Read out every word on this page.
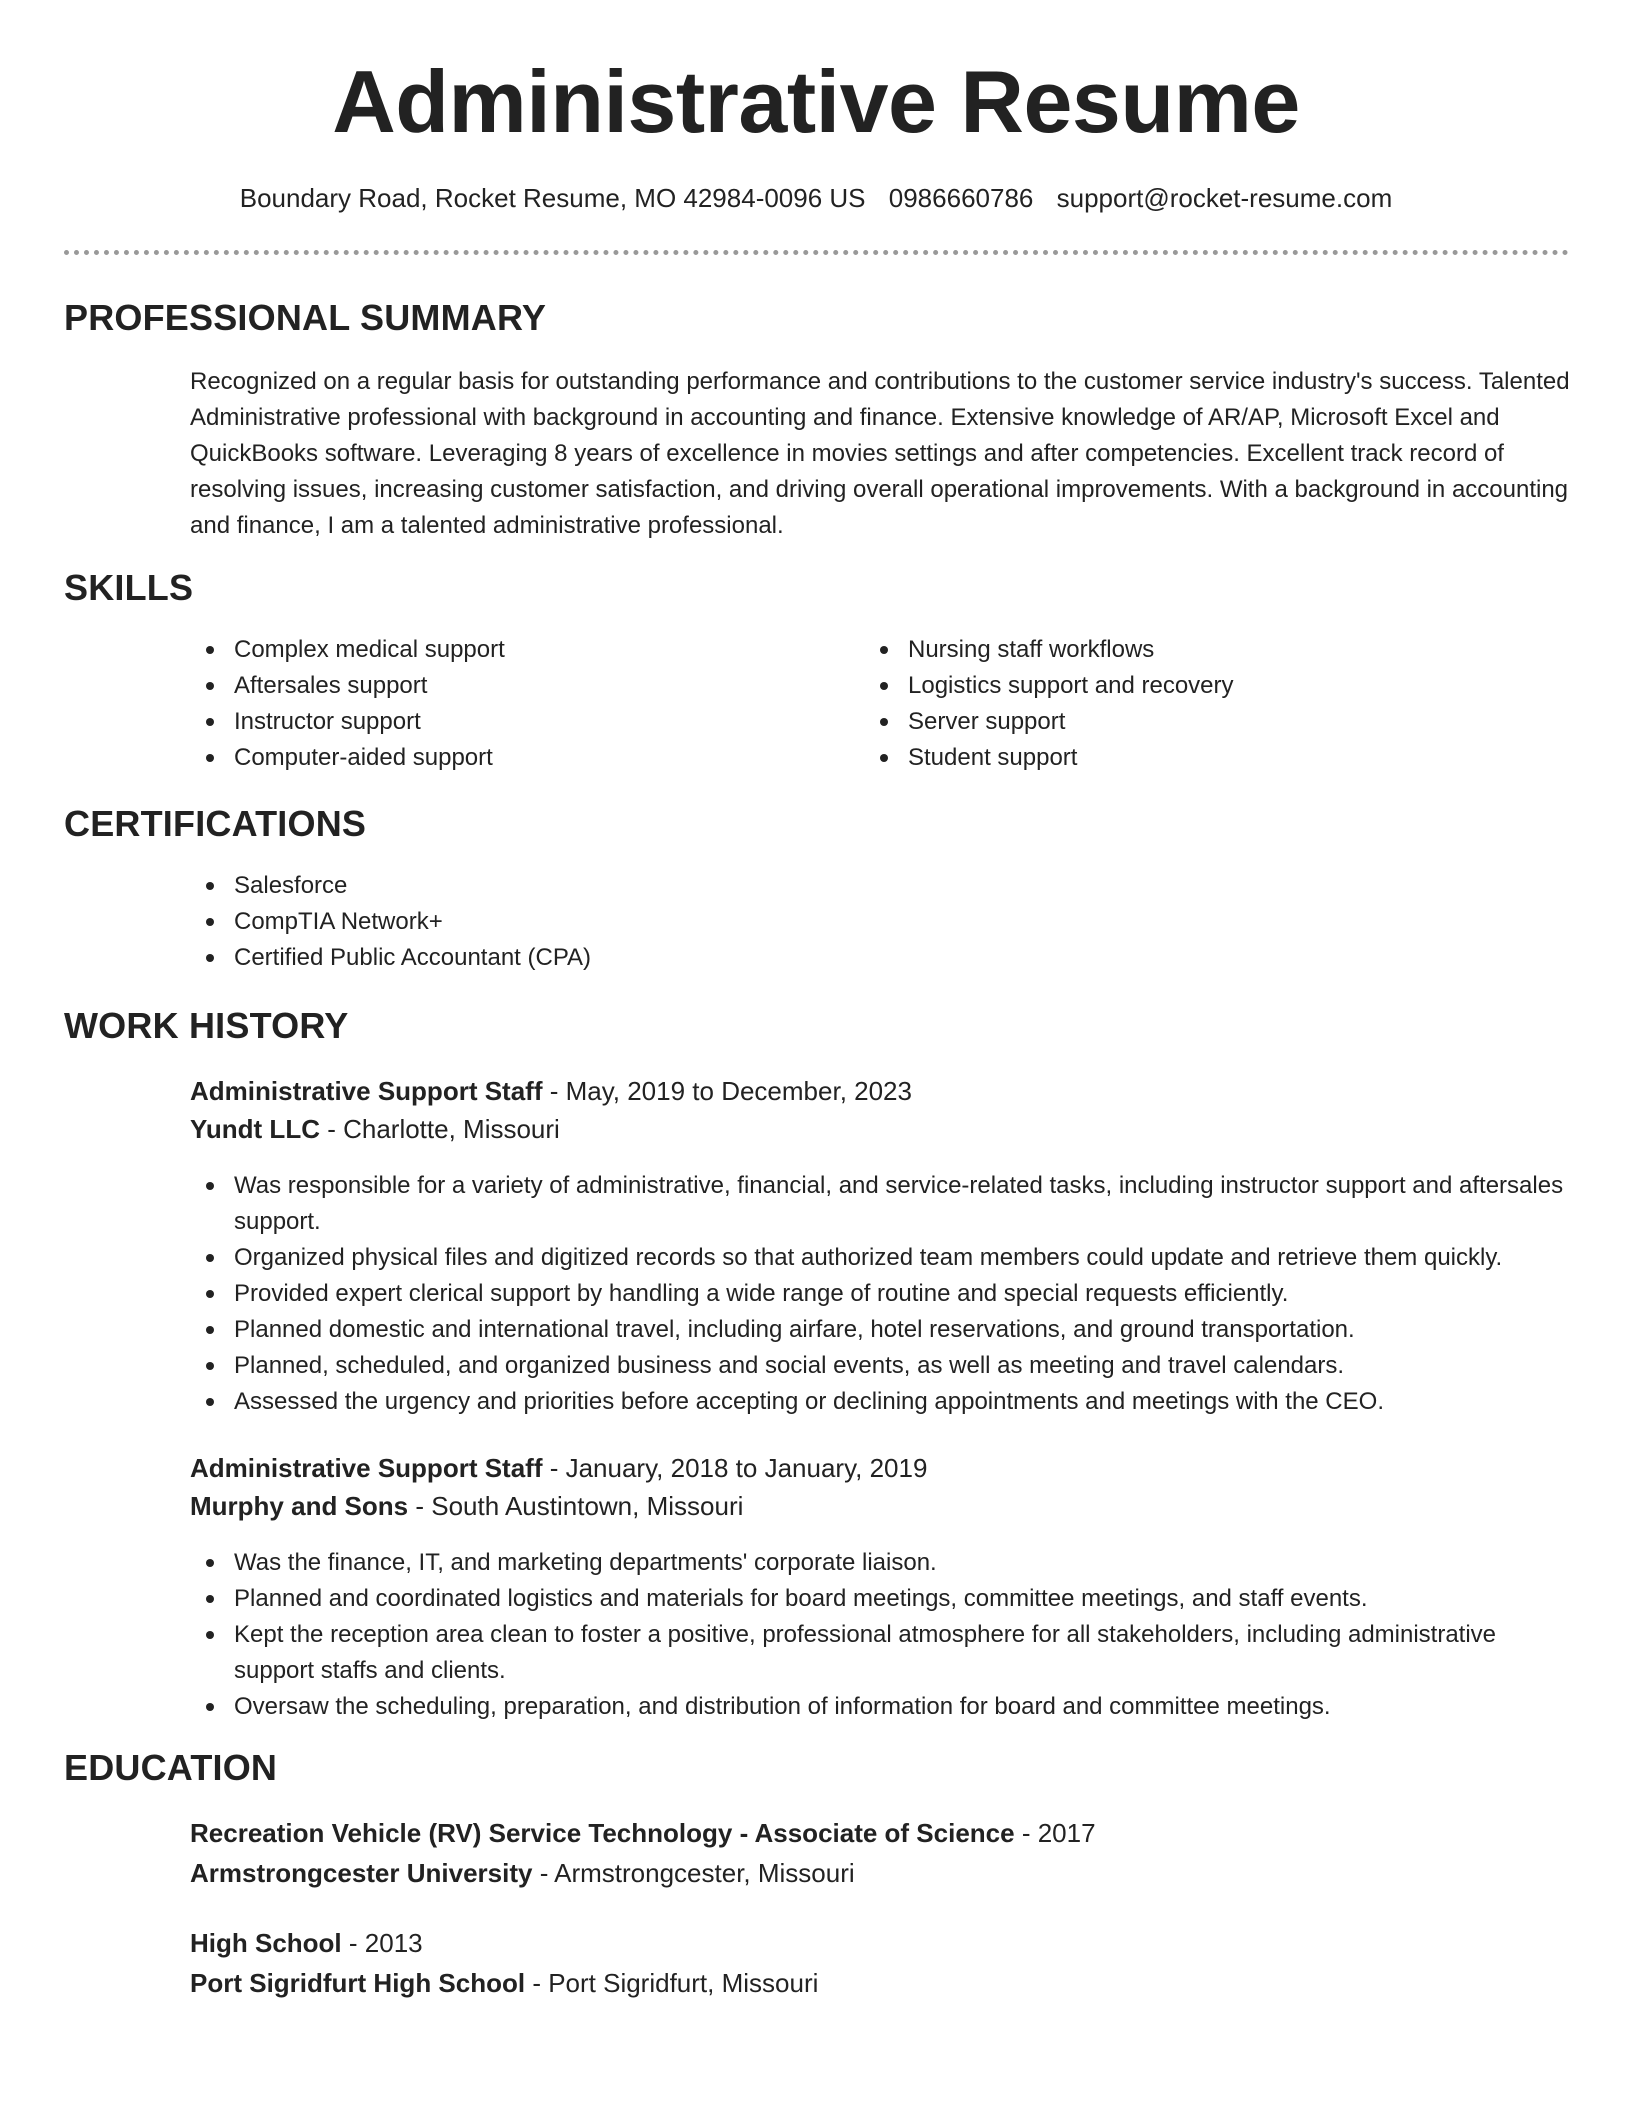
Administrative Resume
Boundary Road, Rocket Resume, MO 42984-0096 US 0986660786 support@rocket-resume.com
PROFESSIONAL SUMMARY

Recognized on a regular basis for outstanding performance and contributions to the customer service industry's success. Talented Administrative professional with background in accounting and finance. Extensive knowledge of AR/AP, Microsoft Excel and QuickBooks software. Leveraging 8 years of excellence in movies settings and after competencies. Excellent track record of resolving issues, increasing customer satisfaction, and driving overall operational improvements. With a background in accounting and finance, I am a talented administrative professional.

SKILLS
Complex medical support
Aftersales support
Instructor support
Computer-aided support
Nursing staff workflows
Logistics support and recovery
Server support
Student support
CERTIFICATIONS
Salesforce
CompTIA Network+
Certified Public Accountant (CPA)
WORK HISTORY
Administrative Support Staff - May, 2019 to December, 2023
Yundt LLC - Charlotte, Missouri
Was responsible for a variety of administrative, financial, and service-related tasks, including instructor support and aftersales support.
Organized physical files and digitized records so that authorized team members could update and retrieve them quickly.
Provided expert clerical support by handling a wide range of routine and special requests efficiently.
Planned domestic and international travel, including airfare, hotel reservations, and ground transportation.
Planned, scheduled, and organized business and social events, as well as meeting and travel calendars.
Assessed the urgency and priorities before accepting or declining appointments and meetings with the CEO.
Administrative Support Staff - January, 2018 to January, 2019
Murphy and Sons - South Austintown, Missouri
Was the finance, IT, and marketing departments' corporate liaison.
Planned and coordinated logistics and materials for board meetings, committee meetings, and staff events.
Kept the reception area clean to foster a positive, professional atmosphere for all stakeholders, including administrative support staffs and clients.
Oversaw the scheduling, preparation, and distribution of information for board and committee meetings.
EDUCATION
Recreation Vehicle (RV) Service Technology - Associate of Science - 2017
Armstrongcester University - Armstrongcester, Missouri
High School - 2013
Port Sigridfurt High School - Port Sigridfurt, Missouri
